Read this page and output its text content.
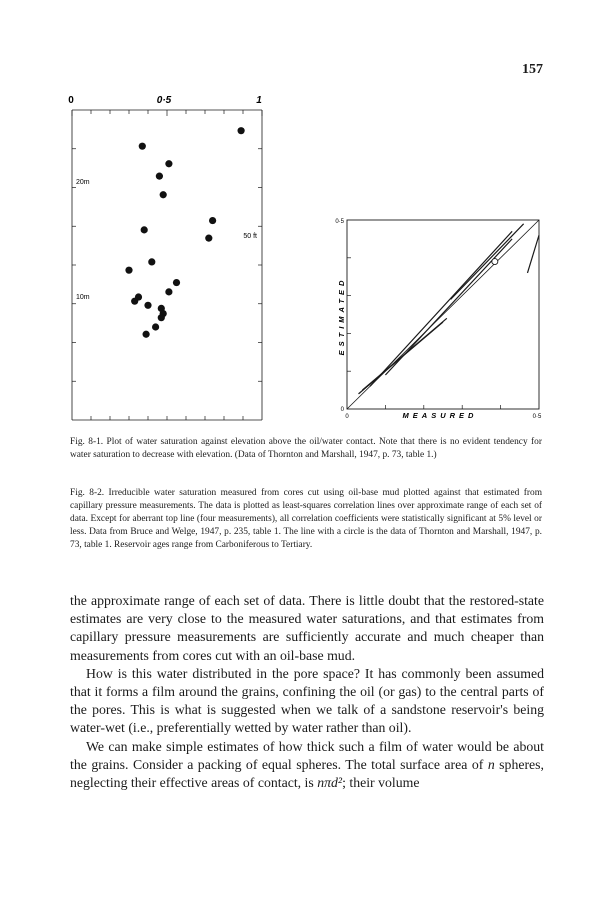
157
0	0·5	1
20m
10m
50 ft
0·5
0
0	0·5
MEASURED
ESTIMATED
Fig. 8-1. Plot of water saturation against elevation above the oil/water contact. Note that there is no evident tendency for water saturation to decrease with elevation. (Data of Thornton and Marshall, 1947, p. 73, table 1.)
Fig. 8-2. Irreducible water saturation measured from cores cut using oil-base mud plotted against that estimated from capillary pressure measurements. The data is plotted as least-squares correlation lines over approximate range of each set of data. Except for aberrant top line (four measurements), all correlation coefficients were statistically significant at 5% level or less. Data from Bruce and Welge, 1947, p. 235, table 1. The line with a circle is the data of Thornton and Marshall, 1947, p. 73, table 1. Reservoir ages range from Carboniferous to Tertiary.

the approximate range of each set of data. There is little doubt that the restored-state estimates are very close to the measured water saturations, and that estimates from capillary pressure measurements are sufficiently accurate and much cheaper than measurements from cores cut with an oil-base mud.

How is this water distributed in the pore space? It has commonly been assumed that it forms a film around the grains, confining the oil (or gas) to the central parts of the pores. This is what is suggested when we talk of a sandstone reservoir's being water-wet (i.e., preferentially wetted by water rather than oil).

We can make simple estimates of how thick such a film of water would be about the grains. Consider a packing of equal spheres. The total surface area of n spheres, neglecting their effective areas of contact, is nπd²; their volume
